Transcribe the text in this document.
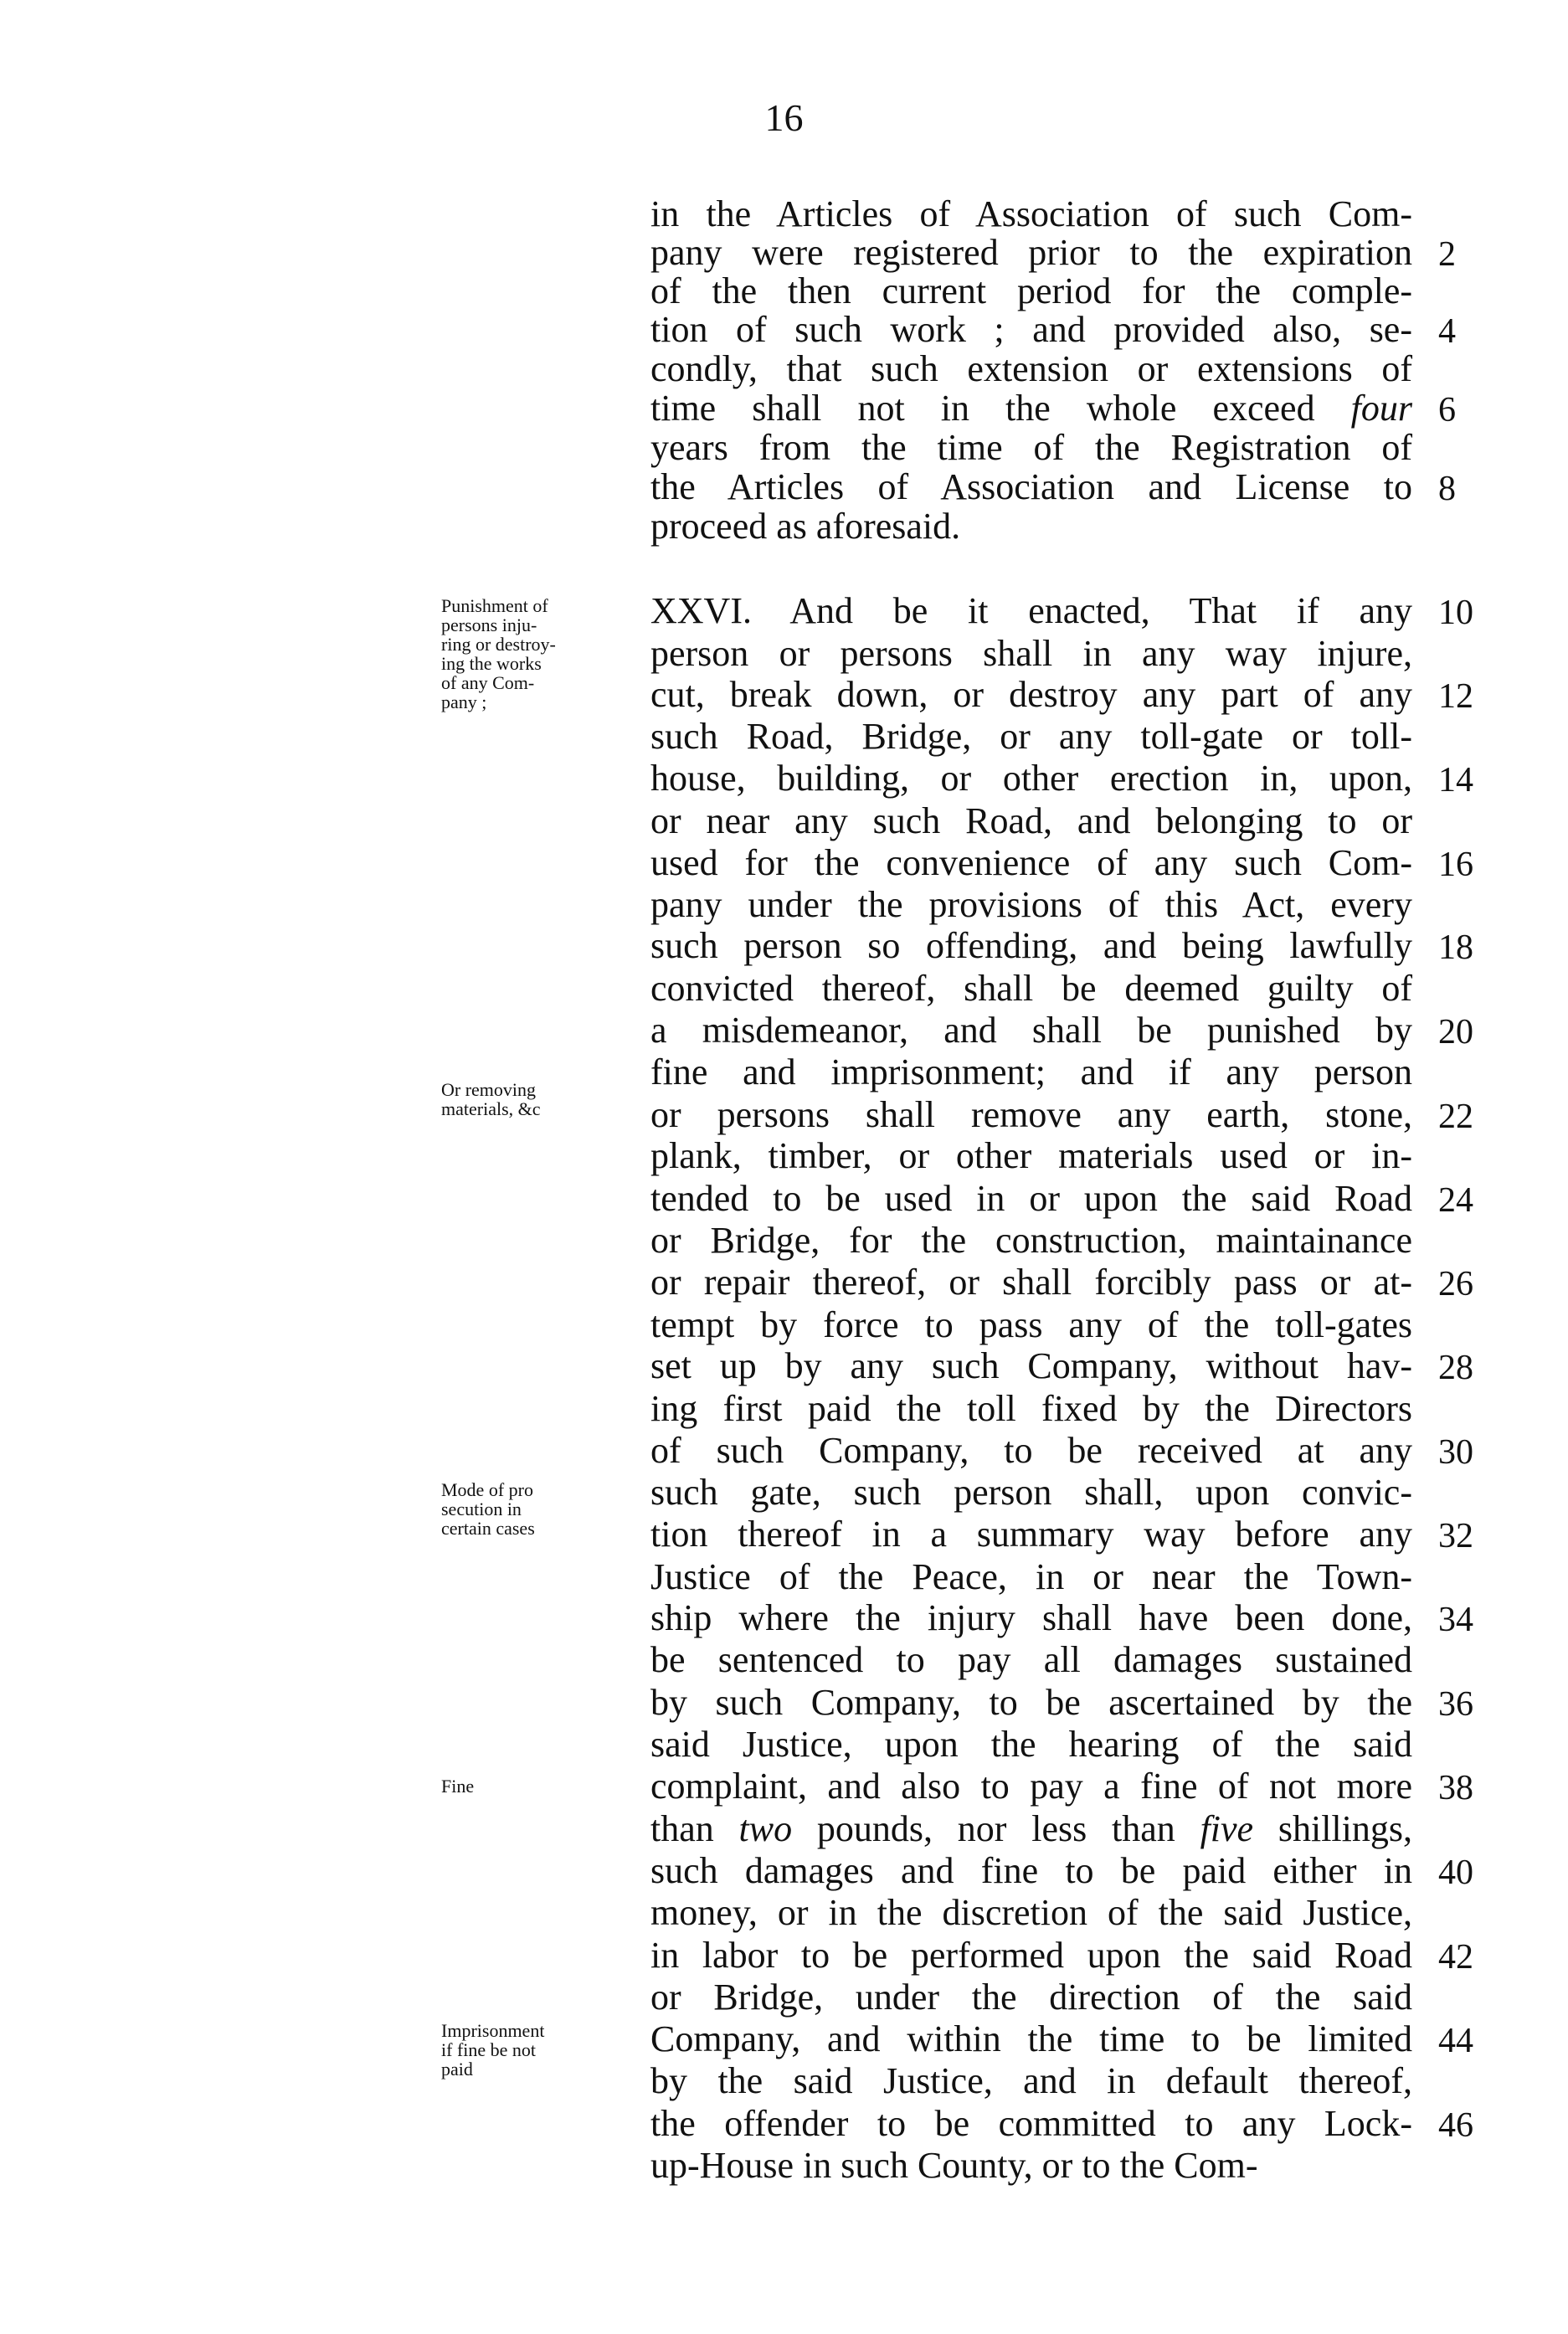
16
Punishment of
persons inju-
ring or destroy-
ing the works
of any Com-
pany ;
Or removing
materials, &c
Mode of pro
secution in
certain cases
Fine
Imprisonment
if fine be not
paid
in the Articles of Association of such Com-
pany were registered prior to the expiration
of the then current period for the comple-
tion of such work ; and provided also, se-
condly, that such extension or extensions of
time shall not in the whole exceed four
years from the time of the Registration of
the Articles of Association and License to
proceed as aforesaid.
XXVI. And be it enacted, That if any
person or persons shall in any way injure,
cut, break down, or destroy any part of any
such Road, Bridge, or any toll-gate or toll-
house, building, or other erection in, upon,
or near any such Road, and belonging to or
used for the convenience of any such Com-
pany under the provisions of this Act, every
such person so offending, and being lawfully
convicted thereof, shall be deemed guilty of
a misdemeanor, and shall be punished by
fine and imprisonment; and if any person
or persons shall remove any earth, stone,
plank, timber, or other materials used or in-
tended to be used in or upon the said Road
or Bridge, for the construction, maintainance
or repair thereof, or shall forcibly pass or at-
tempt by force to pass any of the toll-gates
set up by any such Company, without hav-
ing first paid the toll fixed by the Directors
of such Company, to be received at any
such gate, such person shall, upon convic-
tion thereof in a summary way before any
Justice of the Peace, in or near the Town-
ship where the injury shall have been done,
be sentenced to pay all damages sustained
by such Company, to be ascertained by the
said Justice, upon the hearing of the said
complaint, and also to pay a fine of not more
than two pounds, nor less than five shillings,
such damages and fine to be paid either in
money, or in the discretion of the said Justice,
in labor to be performed upon the said Road
or Bridge, under the direction of the said
Company, and within the time to be limited
by the said Justice, and in default thereof,
the offender to be committed to any Lock-
up-House in such County, or to the Com-
2
4
6
8
10
12
14
16
18
20
22
24
26
28
30
32
34
36
38
40
42
44
46
